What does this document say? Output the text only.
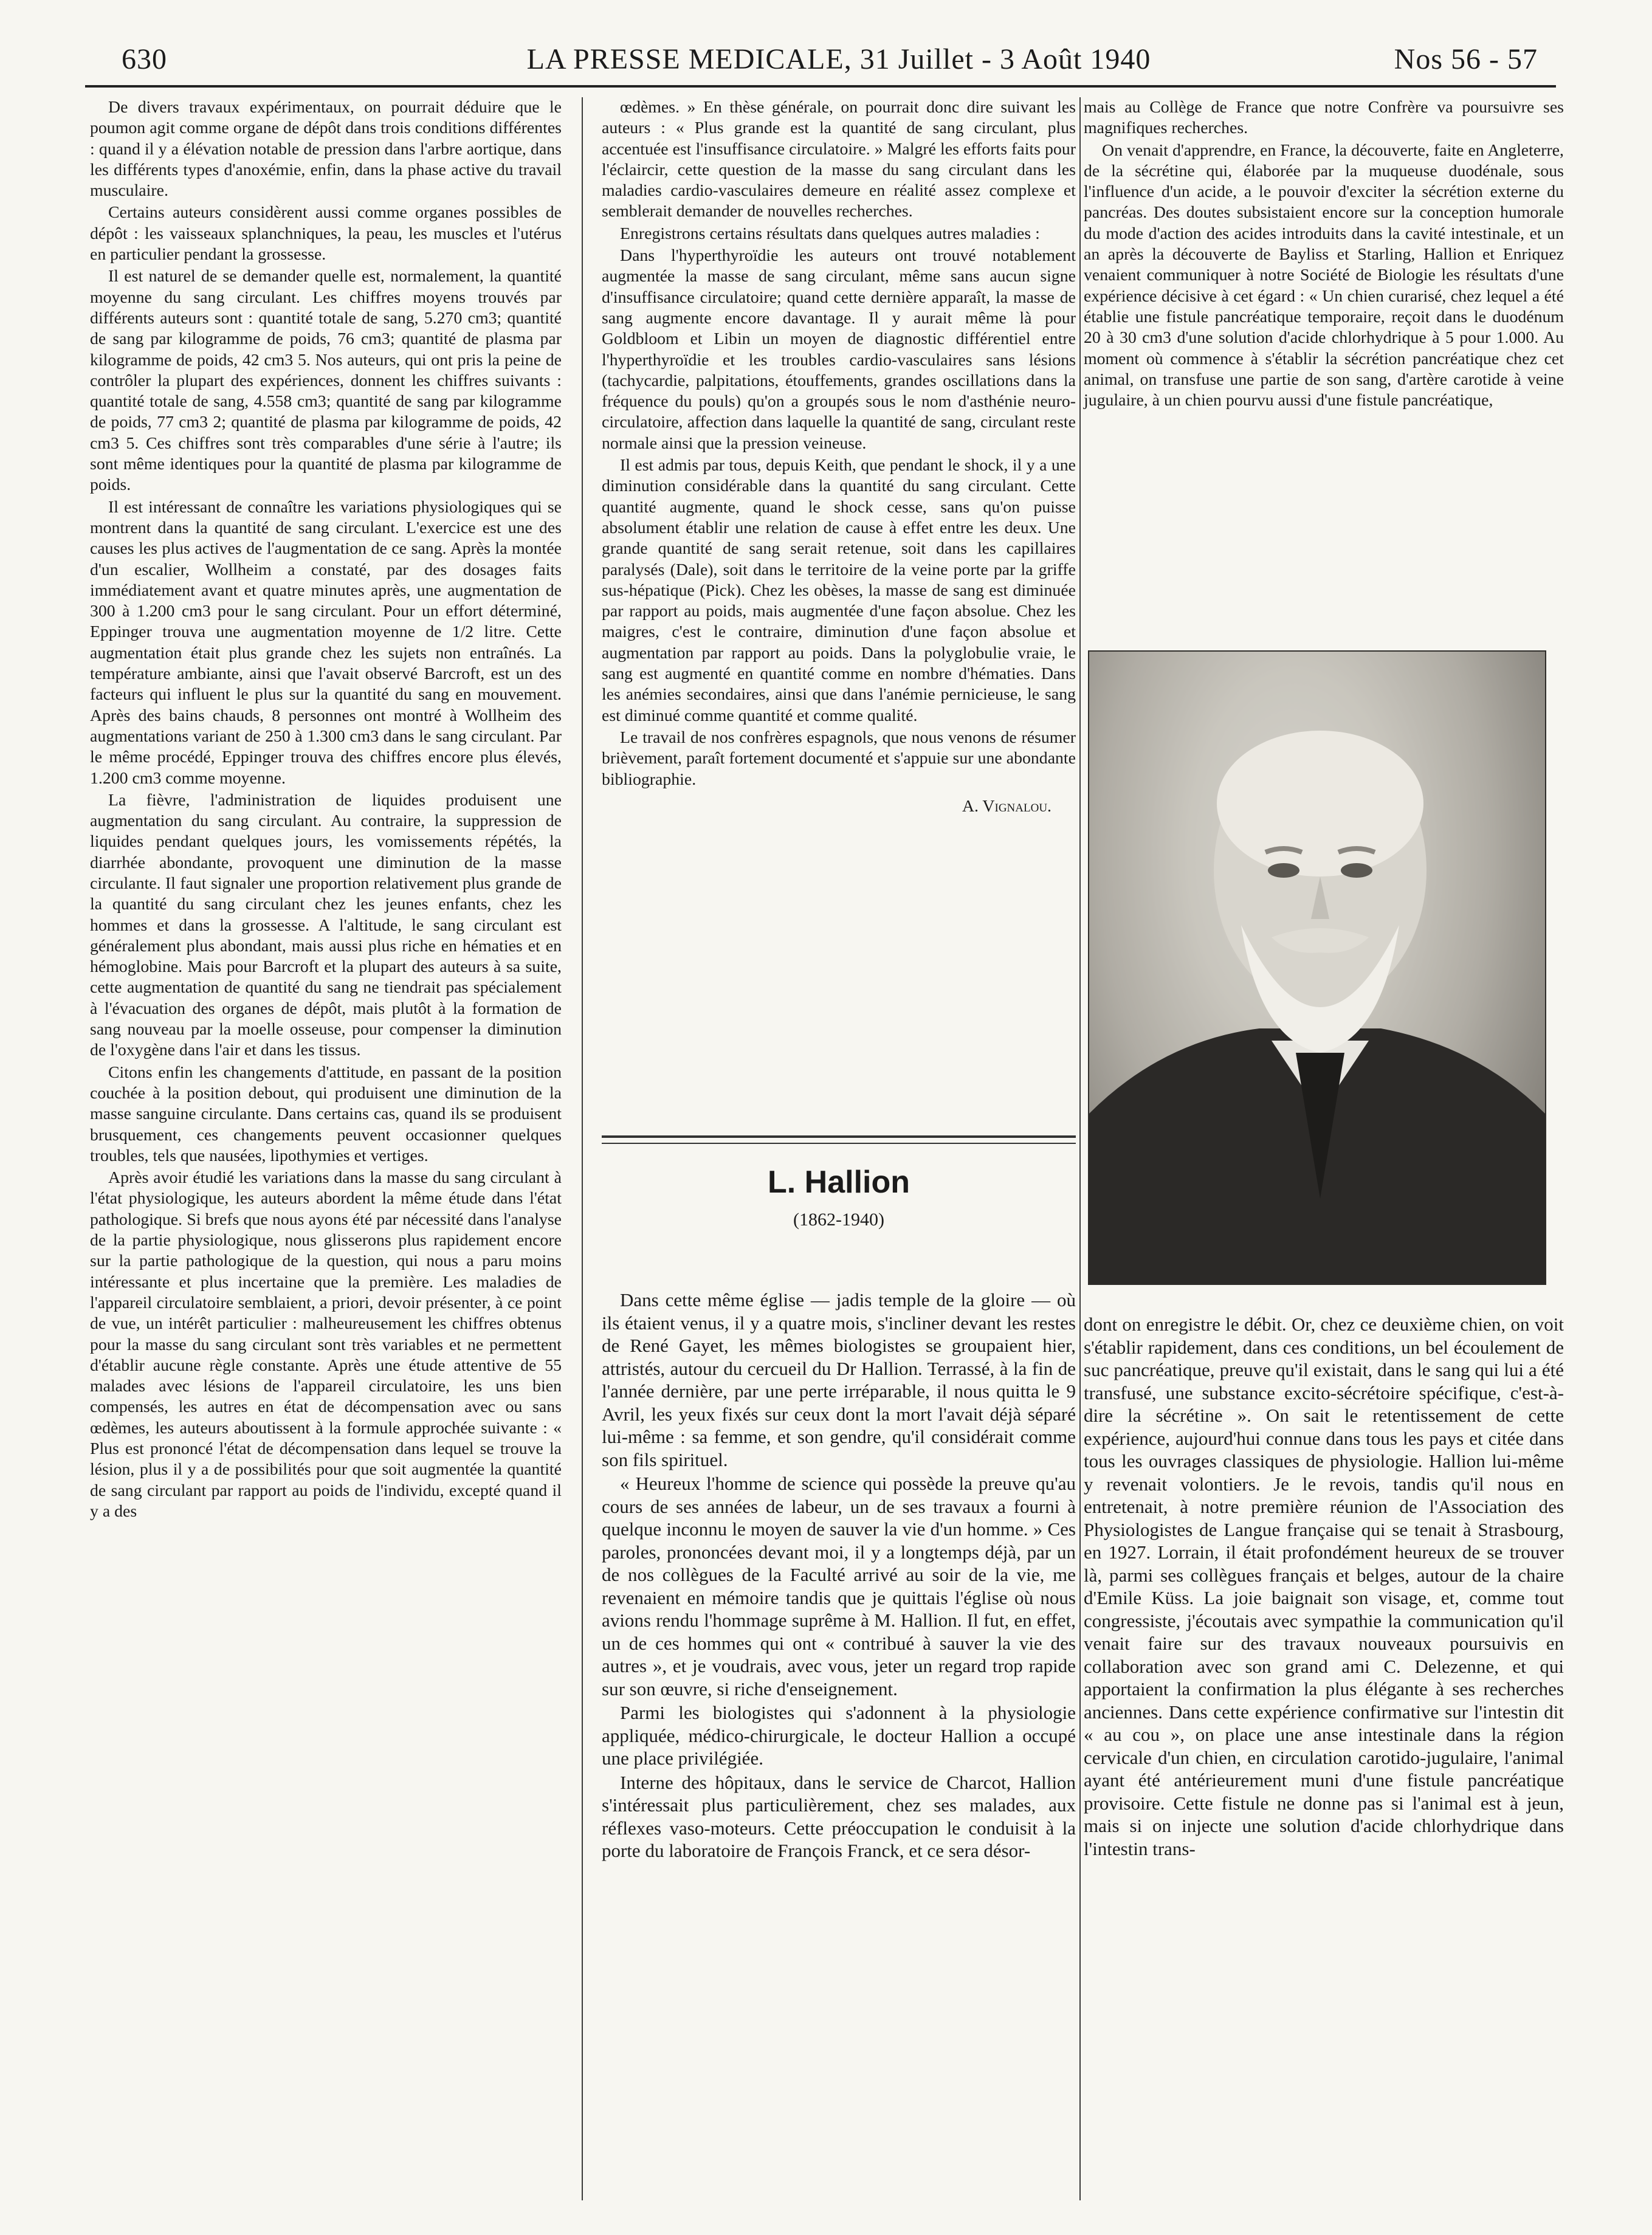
630	LA PRESSE MEDICALE, 31 Juillet - 3 Août 1940	Nos 56 - 57

De divers travaux expérimentaux, on pourrait déduire que le poumon agit comme organe de dépôt dans trois conditions différentes : quand il y a élévation notable de pression dans l'arbre aortique, dans les différents types d'anoxémie, enfin, dans la phase active du travail musculaire.

Certains auteurs considèrent aussi comme organes possibles de dépôt : les vaisseaux splanchniques, la peau, les muscles et l'utérus en particulier pendant la grossesse.

Il est naturel de se demander quelle est, normalement, la quantité moyenne du sang circulant. Les chiffres moyens trouvés par différents auteurs sont : quantité totale de sang, 5.270 cm3; quantité de sang par kilogramme de poids, 76 cm3; quantité de plasma par kilogramme de poids, 42 cm3 5. Nos auteurs, qui ont pris la peine de contrôler la plupart des expériences, donnent les chiffres suivants : quantité totale de sang, 4.558 cm3; quantité de sang par kilogramme de poids, 77 cm3 2; quantité de plasma par kilogramme de poids, 42 cm3 5. Ces chiffres sont très comparables d'une série à l'autre; ils sont même identiques pour la quantité de plasma par kilogramme de poids.

Il est intéressant de connaître les variations physiologiques qui se montrent dans la quantité de sang circulant. L'exercice est une des causes les plus actives de l'augmentation de ce sang. Après la montée d'un escalier, Wollheim a constaté, par des dosages faits immédiatement avant et quatre minutes après, une augmentation de 300 à 1.200 cm3 pour le sang circulant. Pour un effort déterminé, Eppinger trouva une augmentation moyenne de 1/2 litre. Cette augmentation était plus grande chez les sujets non entraînés. La température ambiante, ainsi que l'avait observé Barcroft, est un des facteurs qui influent le plus sur la quantité du sang en mouvement. Après des bains chauds, 8 personnes ont montré à Wollheim des augmentations variant de 250 à 1.300 cm3 dans le sang circulant. Par le même procédé, Eppinger trouva des chiffres encore plus élevés, 1.200 cm3 comme moyenne.

La fièvre, l'administration de liquides produisent une augmentation du sang circulant. Au contraire, la suppression de liquides pendant quelques jours, les vomissements répétés, la diarrhée abondante, provoquent une diminution de la masse circulante. Il faut signaler une proportion relativement plus grande de la quantité du sang circulant chez les jeunes enfants, chez les hommes et dans la grossesse. A l'altitude, le sang circulant est généralement plus abondant, mais aussi plus riche en hématies et en hémoglobine. Mais pour Barcroft et la plupart des auteurs à sa suite, cette augmentation de quantité du sang ne tiendrait pas spécialement à l'évacuation des organes de dépôt, mais plutôt à la formation de sang nouveau par la moelle osseuse, pour compenser la diminution de l'oxygène dans l'air et dans les tissus.

Citons enfin les changements d'attitude, en passant de la position couchée à la position debout, qui produisent une diminution de la masse sanguine circulante. Dans certains cas, quand ils se produisent brusquement, ces changements peuvent occasionner quelques troubles, tels que nausées, lipothymies et vertiges.

Après avoir étudié les variations dans la masse du sang circulant à l'état physiologique, les auteurs abordent la même étude dans l'état pathologique. Si brefs que nous ayons été par nécessité dans l'analyse de la partie physiologique, nous glisserons plus rapidement encore sur la partie pathologique de la question, qui nous a paru moins intéressante et plus incertaine que la première. Les maladies de l'appareil circulatoire semblaient, a priori, devoir présenter, à ce point de vue, un intérêt particulier : malheureusement les chiffres obtenus pour la masse du sang circulant sont très variables et ne permettent d'établir aucune règle constante. Après une étude attentive de 55 malades avec lésions de l'appareil circulatoire, les uns bien compensés, les autres en état de décompensation avec ou sans œdèmes, les auteurs aboutissent à la formule approchée suivante : « Plus est prononcé l'état de décompensation dans lequel se trouve la lésion, plus il y a de possibilités pour que soit augmentée la quantité de sang circulant par rapport au poids de l'individu, excepté quand il y a des

œdèmes. » En thèse générale, on pourrait donc dire suivant les auteurs : « Plus grande est la quantité de sang circulant, plus accentuée est l'insuffisance circulatoire. » Malgré les efforts faits pour l'éclaircir, cette question de la masse du sang circulant dans les maladies cardio-vasculaires demeure en réalité assez complexe et semblerait demander de nouvelles recherches.

Enregistrons certains résultats dans quelques autres maladies :

Dans l'hyperthyroïdie les auteurs ont trouvé notablement augmentée la masse de sang circulant, même sans aucun signe d'insuffisance circulatoire; quand cette dernière apparaît, la masse de sang augmente encore davantage. Il y aurait même là pour Goldbloom et Libin un moyen de diagnostic différentiel entre l'hyperthyroïdie et les troubles cardio-vasculaires sans lésions (tachycardie, palpitations, étouffements, grandes oscillations dans la fréquence du pouls) qu'on a groupés sous le nom d'asthénie neuro-circulatoire, affection dans laquelle la quantité de sang, circulant reste normale ainsi que la pression veineuse.

Il est admis par tous, depuis Keith, que pendant le shock, il y a une diminution considérable dans la quantité du sang circulant. Cette quantité augmente, quand le shock cesse, sans qu'on puisse absolument établir une relation de cause à effet entre les deux. Une grande quantité de sang serait retenue, soit dans les capillaires paralysés (Dale), soit dans le territoire de la veine porte par la griffe sus-hépatique (Pick). Chez les obèses, la masse de sang est diminuée par rapport au poids, mais augmentée d'une façon absolue. Chez les maigres, c'est le contraire, diminution d'une façon absolue et augmentation par rapport au poids. Dans la polyglobulie vraie, le sang est augmenté en quantité comme en nombre d'hématies. Dans les anémies secondaires, ainsi que dans l'anémie pernicieuse, le sang est diminué comme quantité et comme qualité.

Le travail de nos confrères espagnols, que nous venons de résumer brièvement, paraît fortement documenté et s'appuie sur une abondante bibliographie.

A. Vignalou.

mais au Collège de France que notre Confrère va poursuivre ses magnifiques recherches.

On venait d'apprendre, en France, la découverte, faite en Angleterre, de la sécrétine qui, élaborée par la muqueuse duodénale, sous l'influence d'un acide, a le pouvoir d'exciter la sécrétion externe du pancréas. Des doutes subsistaient encore sur la conception humorale du mode d'action des acides introduits dans la cavité intestinale, et un an après la découverte de Bayliss et Starling, Hallion et Enriquez venaient communiquer à notre Société de Biologie les résultats d'une expérience décisive à cet égard : « Un chien curarisé, chez lequel a été établie une fistule pancréatique temporaire, reçoit dans le duodénum 20 à 30 cm3 d'une solution d'acide chlorhydrique à 5 pour 1.000. Au moment où commence à s'établir la sécrétion pancréatique chez cet animal, on transfuse une partie de son sang, d'artère carotide à veine jugulaire, à un chien pourvu aussi d'une fistule pancréatique,

L. Hallion
(1862-1940)

Dans cette même église — jadis temple de la gloire — où ils étaient venus, il y a quatre mois, s'incliner devant les restes de René Gayet, les mêmes biologistes se groupaient hier, attristés, autour du cercueil du Dr Hallion. Terrassé, à la fin de l'année dernière, par une perte irréparable, il nous quitta le 9 Avril, les yeux fixés sur ceux dont la mort l'avait déjà séparé lui-même : sa femme, et son gendre, qu'il considérait comme son fils spirituel.

« Heureux l'homme de science qui possède la preuve qu'au cours de ses années de labeur, un de ses travaux a fourni à quelque inconnu le moyen de sauver la vie d'un homme. » Ces paroles, prononcées devant moi, il y a longtemps déjà, par un de nos collègues de la Faculté arrivé au soir de la vie, me revenaient en mémoire tandis que je quittais l'église où nous avions rendu l'hommage suprême à M. Hallion. Il fut, en effet, un de ces hommes qui ont « contribué à sauver la vie des autres », et je voudrais, avec vous, jeter un regard trop rapide sur son œuvre, si riche d'enseignement.

Parmi les biologistes qui s'adonnent à la physiologie appliquée, médico-chirurgicale, le docteur Hallion a occupé une place privilégiée.

Interne des hôpitaux, dans le service de Charcot, Hallion s'intéressait plus particulièrement, chez ses malades, aux réflexes vaso-moteurs. Cette préoccupation le conduisit à la porte du laboratoire de François Franck, et ce sera désor-

dont on enregistre le débit. Or, chez ce deuxième chien, on voit s'établir rapidement, dans ces conditions, un bel écoulement de suc pancréatique, preuve qu'il existait, dans le sang qui lui a été transfusé, une substance excito-sécrétoire spécifique, c'est-à-dire la sécrétine ». On sait le retentissement de cette expérience, aujourd'hui connue dans tous les pays et citée dans tous les ouvrages classiques de physiologie. Hallion lui-même y revenait volontiers. Je le revois, tandis qu'il nous en entretenait, à notre première réunion de l'Association des Physiologistes de Langue française qui se tenait à Strasbourg, en 1927. Lorrain, il était profondément heureux de se trouver là, parmi ses collègues français et belges, autour de la chaire d'Emile Küss. La joie baignait son visage, et, comme tout congressiste, j'écoutais avec sympathie la communication qu'il venait faire sur des travaux nouveaux poursuivis en collaboration avec son grand ami C. Delezenne, et qui apportaient la confirmation la plus élégante à ses recherches anciennes. Dans cette expérience confirmative sur l'intestin dit « au cou », on place une anse intestinale dans la région cervicale d'un chien, en circulation carotido-jugulaire, l'animal ayant été antérieurement muni d'une fistule pancréatique provisoire. Cette fistule ne donne pas si l'animal est à jeun, mais si on injecte une solution d'acide chlorhydrique dans l'intestin trans-
